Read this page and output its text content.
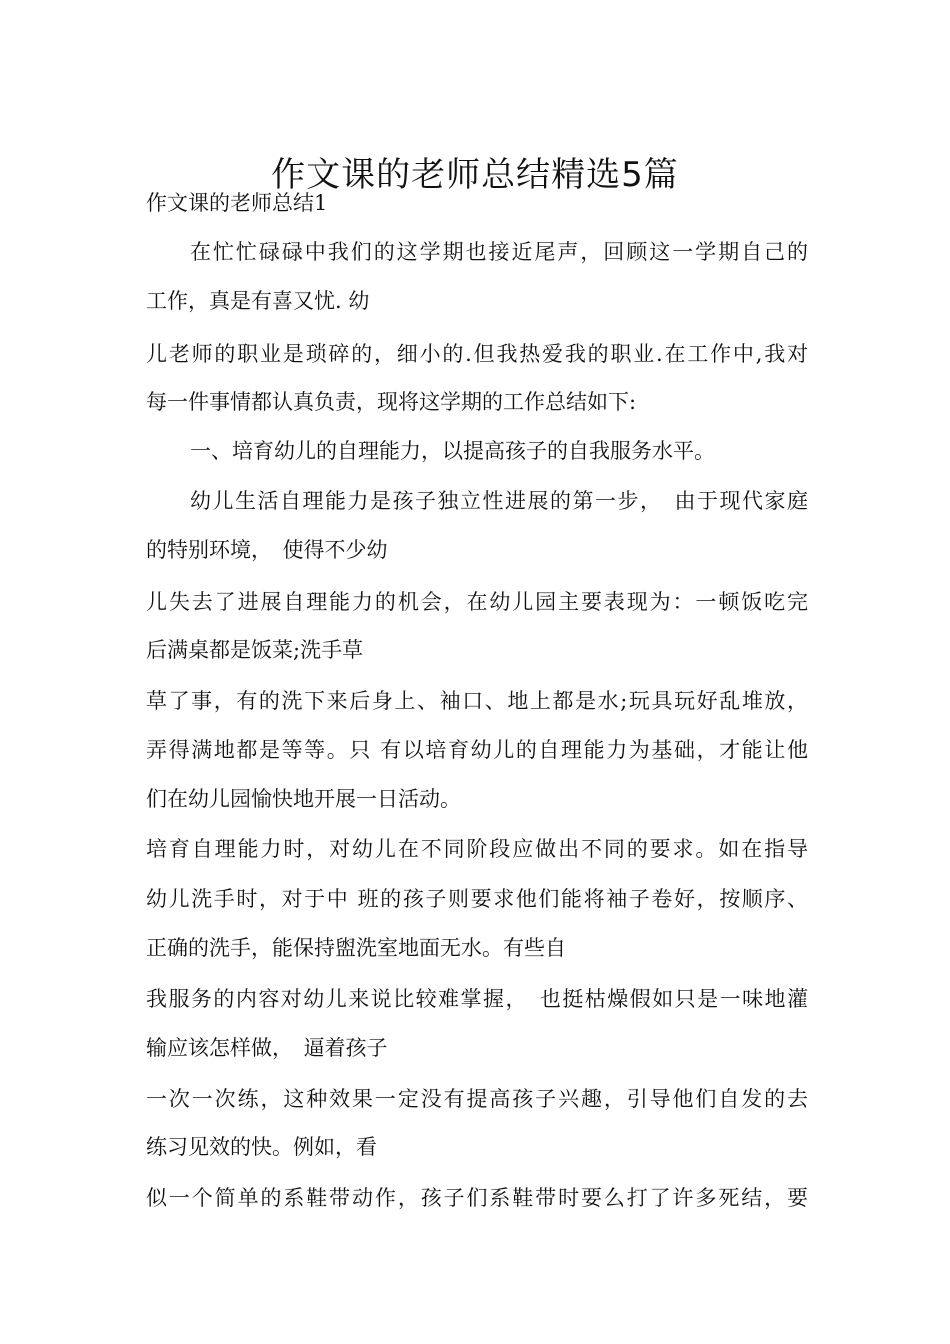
作文课的老师总结精选5篇
作文课的老师总结1
在忙忙碌碌中我们的这学期也接近尾声，回顾这一学期自己的
工作，真是有喜又忧. 幼
儿老师的职业是琐碎的，细小的.但我热爱我的职业.在工作中,我对
每一件事情都认真负责，现将这学期的工作总结如下:
一、培育幼儿的自理能力，以提高孩子的自我服务水平。
幼儿生活自理能力是孩子独立性进展的第一步，　由于现代家庭
的特别环境，　使得不少幼
儿失去了进展自理能力的机会，在幼儿园主要表现为：一顿饭吃完
后满桌都是饭菜;洗手草
草了事，有的洗下来后身上、袖口、地上都是水;玩具玩好乱堆放，
弄得满地都是等等。只 有以培育幼儿的自理能力为基础，才能让他
们在幼儿园愉快地开展一日活动。
培育自理能力时，对幼儿在不同阶段应做出不同的要求。如在指导
幼儿洗手时，对于中 班的孩子则要求他们能将袖子卷好，按顺序、
正确的洗手，能保持盥洗室地面无水。有些自
我服务的内容对幼儿来说比较难掌握，　也挺枯燥假如只是一味地灌
输应该怎样做，　逼着孩子
一次一次练，这种效果一定没有提高孩子兴趣，引导他们自发的去
练习见效的快。例如，看
似一个简单的系鞋带动作，孩子们系鞋带时要么打了许多死结，要
